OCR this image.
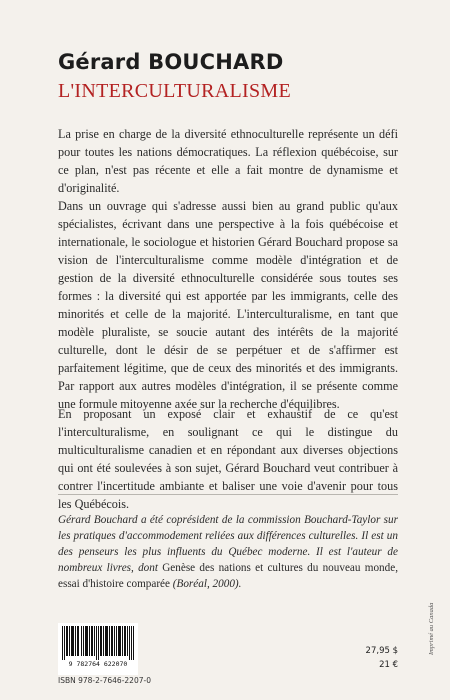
Gérard BOUCHARD
L'INTERCULTURALISME
La prise en charge de la diversité ethnoculturelle représente un défi pour toutes les nations démocratiques. La réflexion québécoise, sur ce plan, n'est pas récente et elle a fait montre de dynamisme et d'originalité.
Dans un ouvrage qui s'adresse aussi bien au grand public qu'aux spécialistes, écrivant dans une perspective à la fois québécoise et internationale, le sociologue et historien Gérard Bouchard propose sa vision de l'interculturalisme comme modèle d'intégration et de gestion de la diversité ethnoculturelle considérée sous toutes ses formes : la diversité qui est apportée par les immigrants, celle des minorités et celle de la majorité. L'interculturalisme, en tant que modèle pluraliste, se soucie autant des intérêts de la majorité culturelle, dont le désir de se perpétuer et de s'affirmer est parfaitement légitime, que de ceux des minorités et des immigrants. Par rapport aux autres modèles d'intégration, il se présente comme une formule mitoyenne axée sur la recherche d'équilibres.
En proposant un exposé clair et exhaustif de ce qu'est l'interculturalisme, en soulignant ce qui le distingue du multiculturalisme canadien et en répondant aux diverses objections qui ont été soulevées à son sujet, Gérard Bouchard veut contribuer à contrer l'incertitude ambiante et baliser une voie d'avenir pour tous les Québécois.
Gérard Bouchard a été coprésident de la commission Bouchard-Taylor sur les pratiques d'accommodement reliées aux différences culturelles. Il est un des penseurs les plus influents du Québec moderne. Il est l'auteur de nombreux livres, dont Genèse des nations et cultures du nouveau monde, essai d'histoire comparée (Boréal, 2000).
9 782764 622070
ISBN 978-2-7646-2207-0
27,95 $
21 €
Imprimé au Canada
